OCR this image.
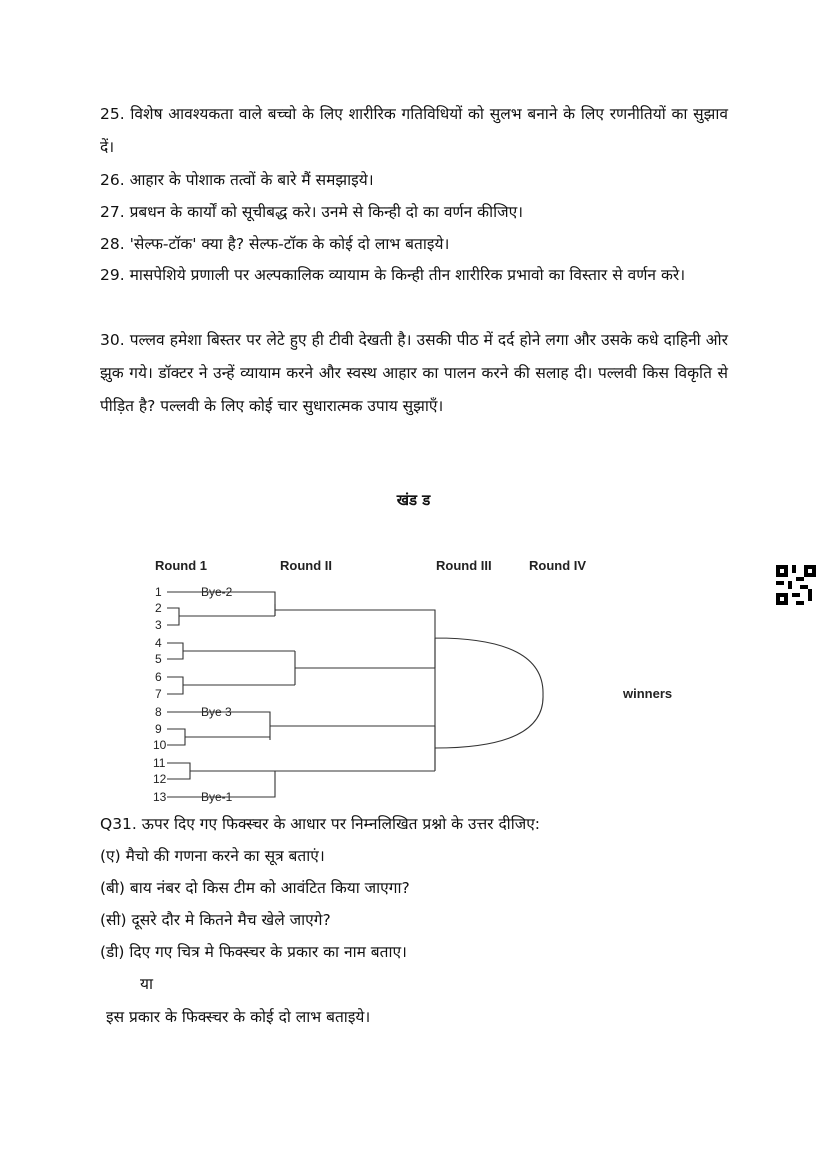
25. विशेष आवश्यकता वाले बच्चो के लिए शारीरिक गतिविधियों को सुलभ बनाने के लिए रणनीतियों का सुझाव दें।
26. आहार के पोशाक तत्वों के बारे मैं समझाइये।
27. प्रबधन के कार्यों को सूचीबद्ध करे। उनमे से किन्ही दो का वर्णन कीजिए।
28. 'सेल्फ-टॉक' क्या है? सेल्फ-टॉक के कोई दो लाभ बताइये।
29. मासपेशिये प्रणाली पर अल्पकालिक व्यायाम के किन्ही तीन शारीरिक प्रभावो का विस्तार से वर्णन करे।
30. पल्लव हमेशा बिस्तर पर लेटे हुए ही टीवी देखती है। उसकी पीठ में दर्द होने लगा और उसके कधे दाहिनी ओर झुक गये। डॉक्टर ने उन्हें व्यायाम करने और स्वस्थ आहार का पालन करने की सलाह दी। पल्लवी किस विकृति से पीड़ित है? पल्लवी के लिए कोई चार सुधारात्मक उपाय सुझाएँ।
खंड ड
Round 1	Round II	Round III	Round IV
winners
1
2
3
4
5
6
7
8
9
10
11
12
13
Bye-2
Bye 3
Bye-1
Q31. ऊपर दिए गए फिक्स्चर के आधार पर निम्नलिखित प्रश्नो के उत्तर दीजिए:
(ए) मैचो की गणना करने का सूत्र बताएं।
(बी) बाय नंबर दो किस टीम को आवंटित किया जाएगा?
(सी) दूसरे दौर मे कितने मैच खेले जाएगे?
(डी) दिए गए चित्र मे फिक्स्चर के प्रकार का नाम बताए।
या
इस प्रकार के फिक्स्चर के कोई दो लाभ बताइये।
